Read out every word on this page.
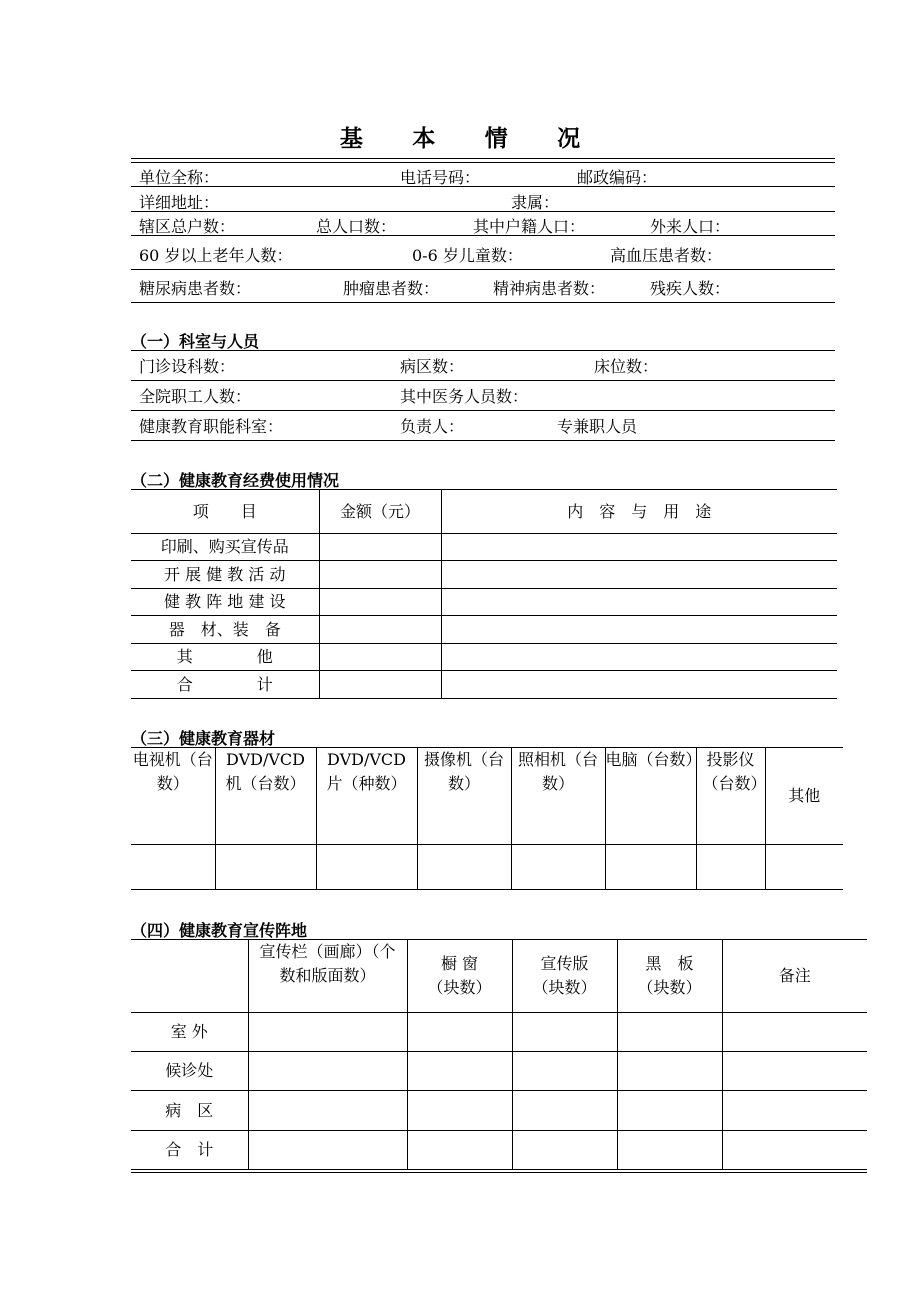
基 本 情 况
单位全称：	电话号码：	邮政编码：
详细地址：	隶属：
辖区总户数：	总人口数：	其中户籍人口：	外来人口：
60 岁以上老年人数：	0-6 岁儿童数：	高血压患者数：
糖尿病患者数：	肿瘤患者数：	精神病患者数：	残疾人数：
（一）科室与人员
门诊设科数：	病区数：	床位数：
全院职工人数：	其中医务人员数：
健康教育职能科室：	负责人：	专兼职人员
（二）健康教育经费使用情况
项　　目	金额（元）	内　容　与　用　途
印刷、购买宣传品		
开 展 健 教 活 动		
健 教 阵 地 建 设		
器　材、装　备		
其　　　　他		
合　　　　计		
（三）健康教育器材
电视机（台数）	DVD/VCD 机（台数）	DVD/VCD 片（种数）	摄像机（台数）	照相机（台数）	电脑（台数）	投影仪（台数）	其他

（四）健康教育宣传阵地
	宣传栏（画廊）（个数和版面数）	橱 窗（块数）	宣传版（块数）	黑　板（块数）	备注
室 外					
候诊处					
病　区					
合　计					
